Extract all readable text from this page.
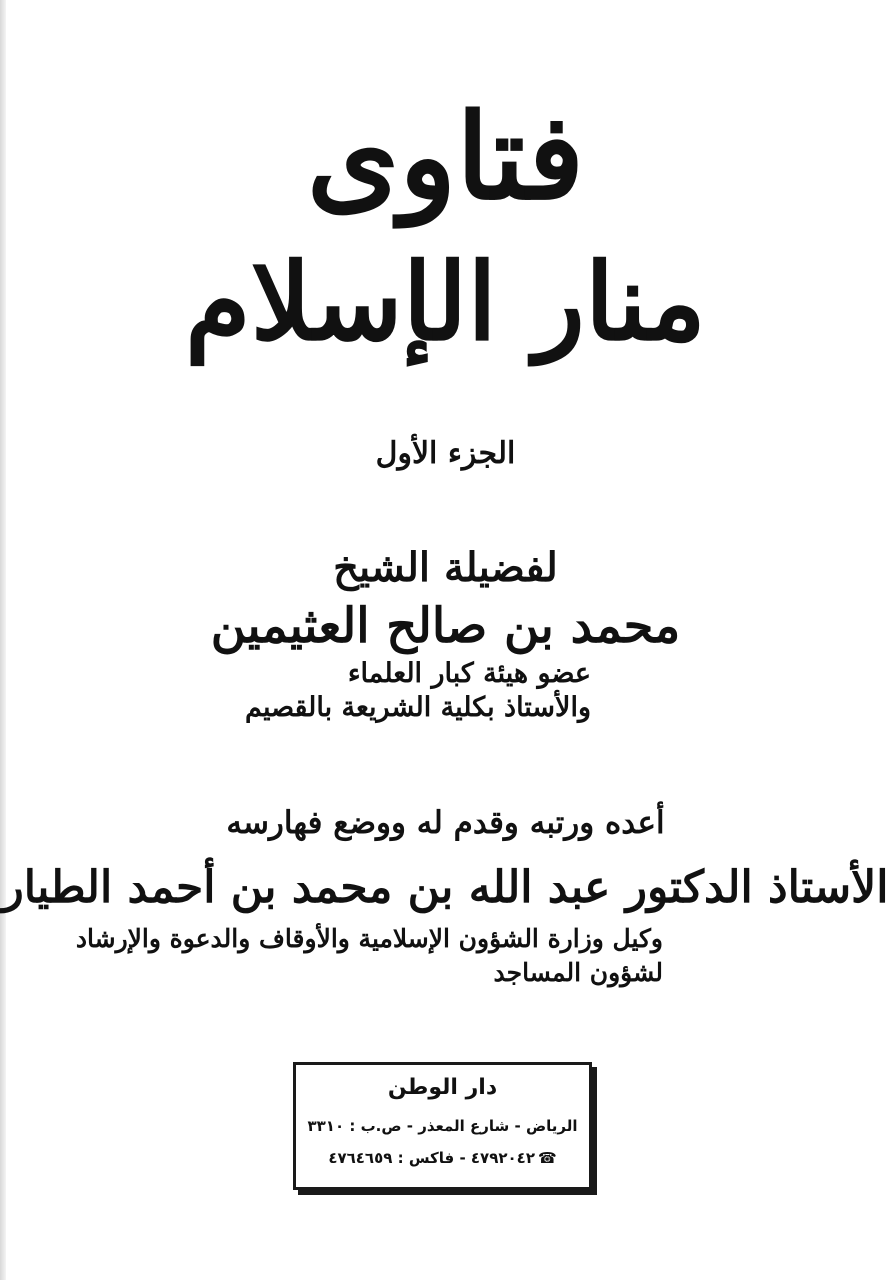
فتاوى
منار الإسلام
الجزء الأول
لفضيلة الشيخ
محمد بن صالح العثيمين
عضو هيئة كبار العلماء
والأستاذ بكلية الشريعة بالقصيم
أعده ورتبه وقدم له ووضع فهارسه
الأستاذ الدكتور عبد الله بن محمد بن أحمد الطيار
وكيل وزارة الشؤون الإسلامية والأوقاف والدعوة والإرشاد
لشؤون المساجد
دار الوطن
الرياض - شارع المعذر - ص.ب : ٣٣١٠
☎٤٧٩٢٠٤٢ - فاكس : ٤٧٦٤٦٥٩
